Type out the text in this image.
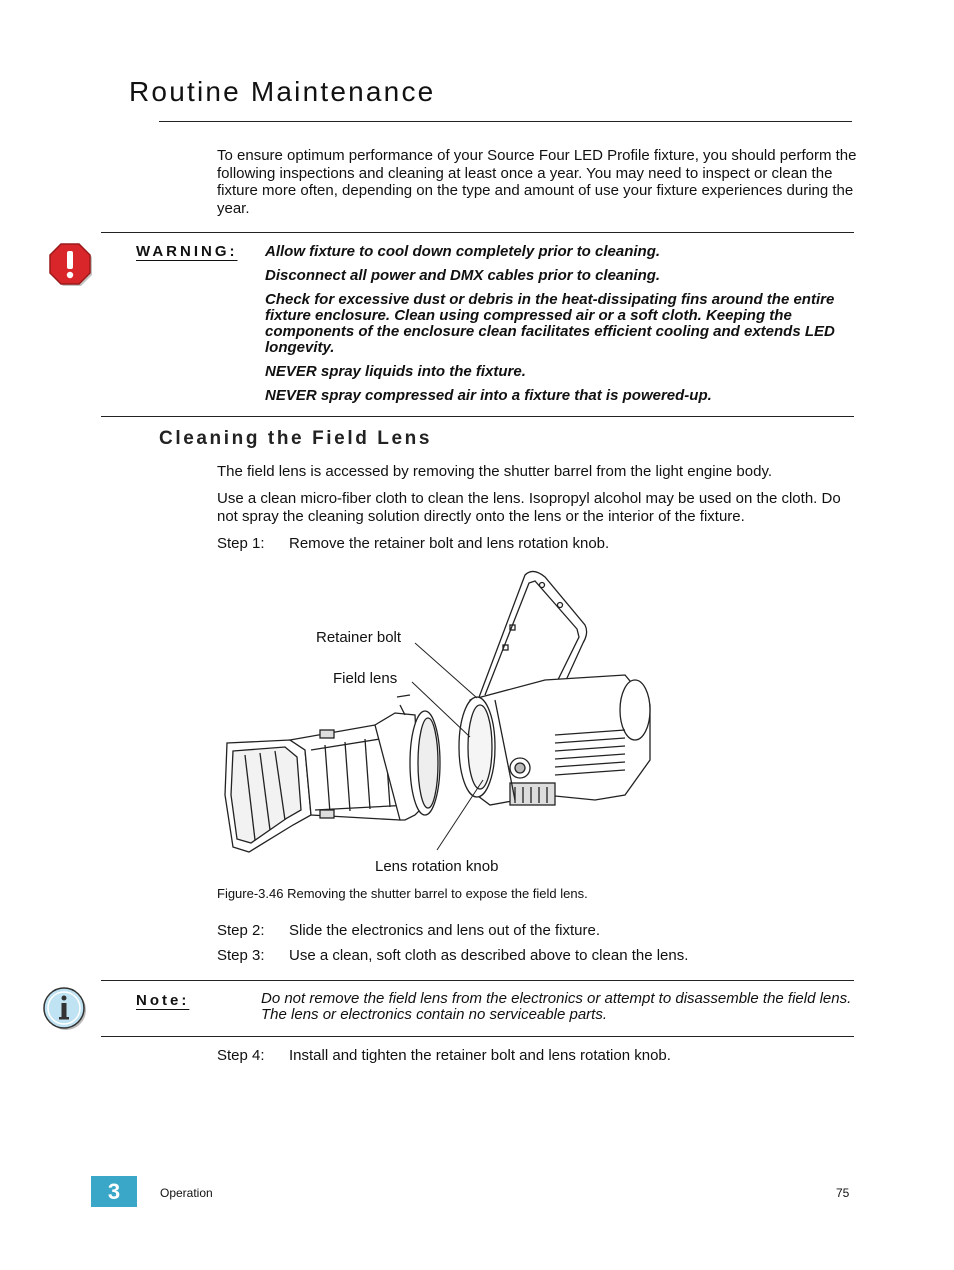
Routine Maintenance

To ensure optimum performance of your Source Four LED Profile fixture, you should perform the following inspections and cleaning at least once a year. You may need to inspect or clean the fixture more often, depending on the type and amount of use your fixture experiences during the year.

WARNING: Allow fixture to cool down completely prior to cleaning.

Disconnect all power and DMX cables prior to cleaning.

Check for excessive dust or debris in the heat-dissipating fins around the entire fixture enclosure. Clean using compressed air or a soft cloth. Keeping the components of the enclosure clean facilitates efficient cooling and extends LED longevity.

NEVER spray liquids into the fixture.

NEVER spray compressed air into a fixture that is powered-up.

Cleaning the Field Lens

The field lens is accessed by removing the shutter barrel from the light engine body.

Use a clean micro-fiber cloth to clean the lens. Isopropyl alcohol may be used on the cloth. Do not spray the cleaning solution directly onto the lens or the interior of the fixture.

Step 1: Remove the retainer bolt and lens rotation knob.
Retainer bolt
Field lens
Lens rotation knob
Figure-3.46 Removing the shutter barrel to expose the field lens.
Step 2: Slide the electronics and lens out of the fixture.
Step 3: Use a clean, soft cloth as described above to clean the lens.
Note:	Do not remove the field lens from the electronics or attempt to disassemble the field lens. The lens or electronics contain no serviceable parts.

Step 4: Install and tighten the retainer bolt and lens rotation knob.
3	Operation	75
